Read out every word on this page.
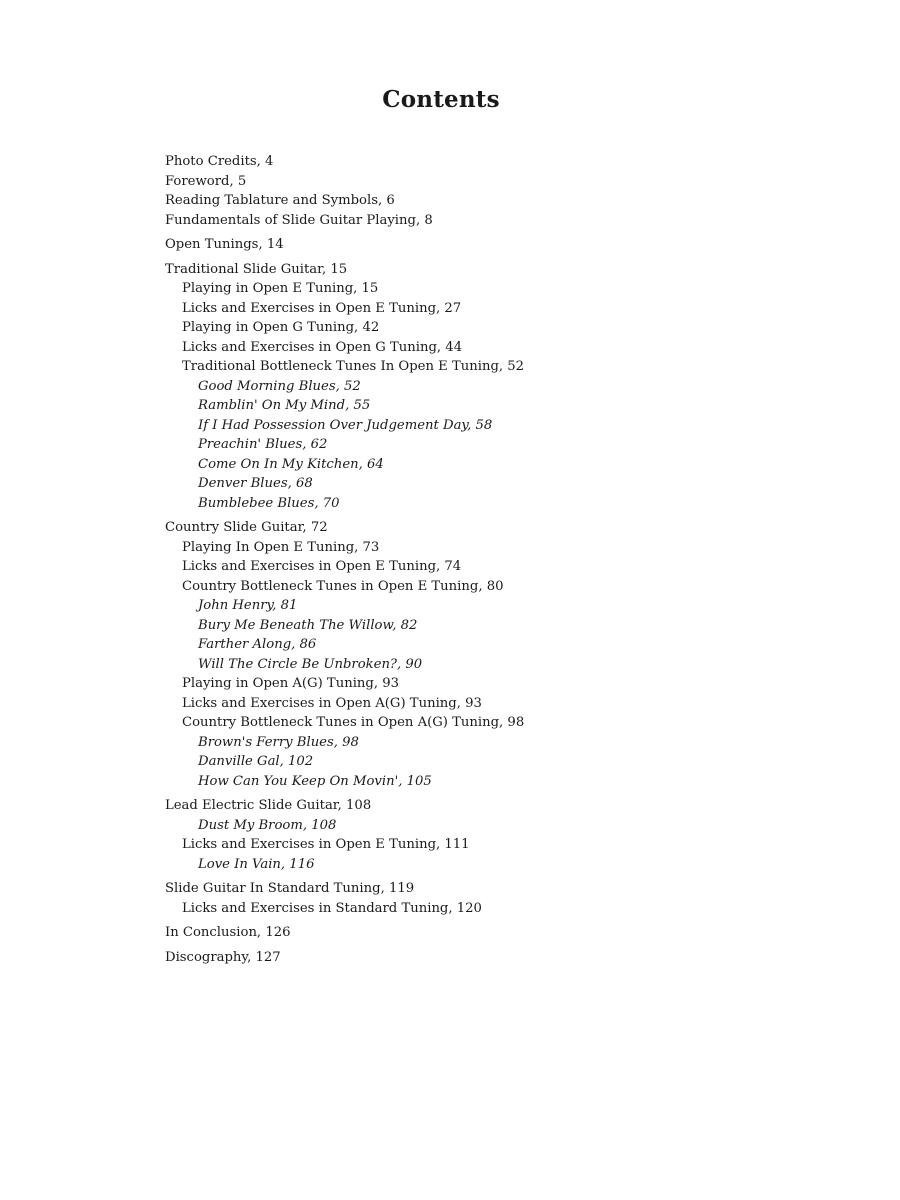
Contents
Photo Credits, 4
Foreword, 5
Reading Tablature and Symbols, 6
Fundamentals of Slide Guitar Playing, 8
Open Tunings, 14
Traditional Slide Guitar, 15
Playing in Open E Tuning, 15
Licks and Exercises in Open E Tuning, 27
Playing in Open G Tuning, 42
Licks and Exercises in Open G Tuning, 44
Traditional Bottleneck Tunes In Open E Tuning, 52
Good Morning Blues, 52
Ramblin' On My Mind, 55
If I Had Possession Over Judgement Day, 58
Preachin' Blues, 62
Come On In My Kitchen, 64
Denver Blues, 68
Bumblebee Blues, 70
Country Slide Guitar, 72
Playing In Open E Tuning, 73
Licks and Exercises in Open E Tuning, 74
Country Bottleneck Tunes in Open E Tuning, 80
John Henry, 81
Bury Me Beneath The Willow, 82
Farther Along, 86
Will The Circle Be Unbroken?, 90
Playing in Open A(G) Tuning, 93
Licks and Exercises in Open A(G) Tuning, 93
Country Bottleneck Tunes in Open A(G) Tuning, 98
Brown's Ferry Blues, 98
Danville Gal, 102
How Can You Keep On Movin', 105
Lead Electric Slide Guitar, 108
Dust My Broom, 108
Licks and Exercises in Open E Tuning, 111
Love In Vain, 116
Slide Guitar In Standard Tuning, 119
Licks and Exercises in Standard Tuning, 120
In Conclusion, 126
Discography, 127
